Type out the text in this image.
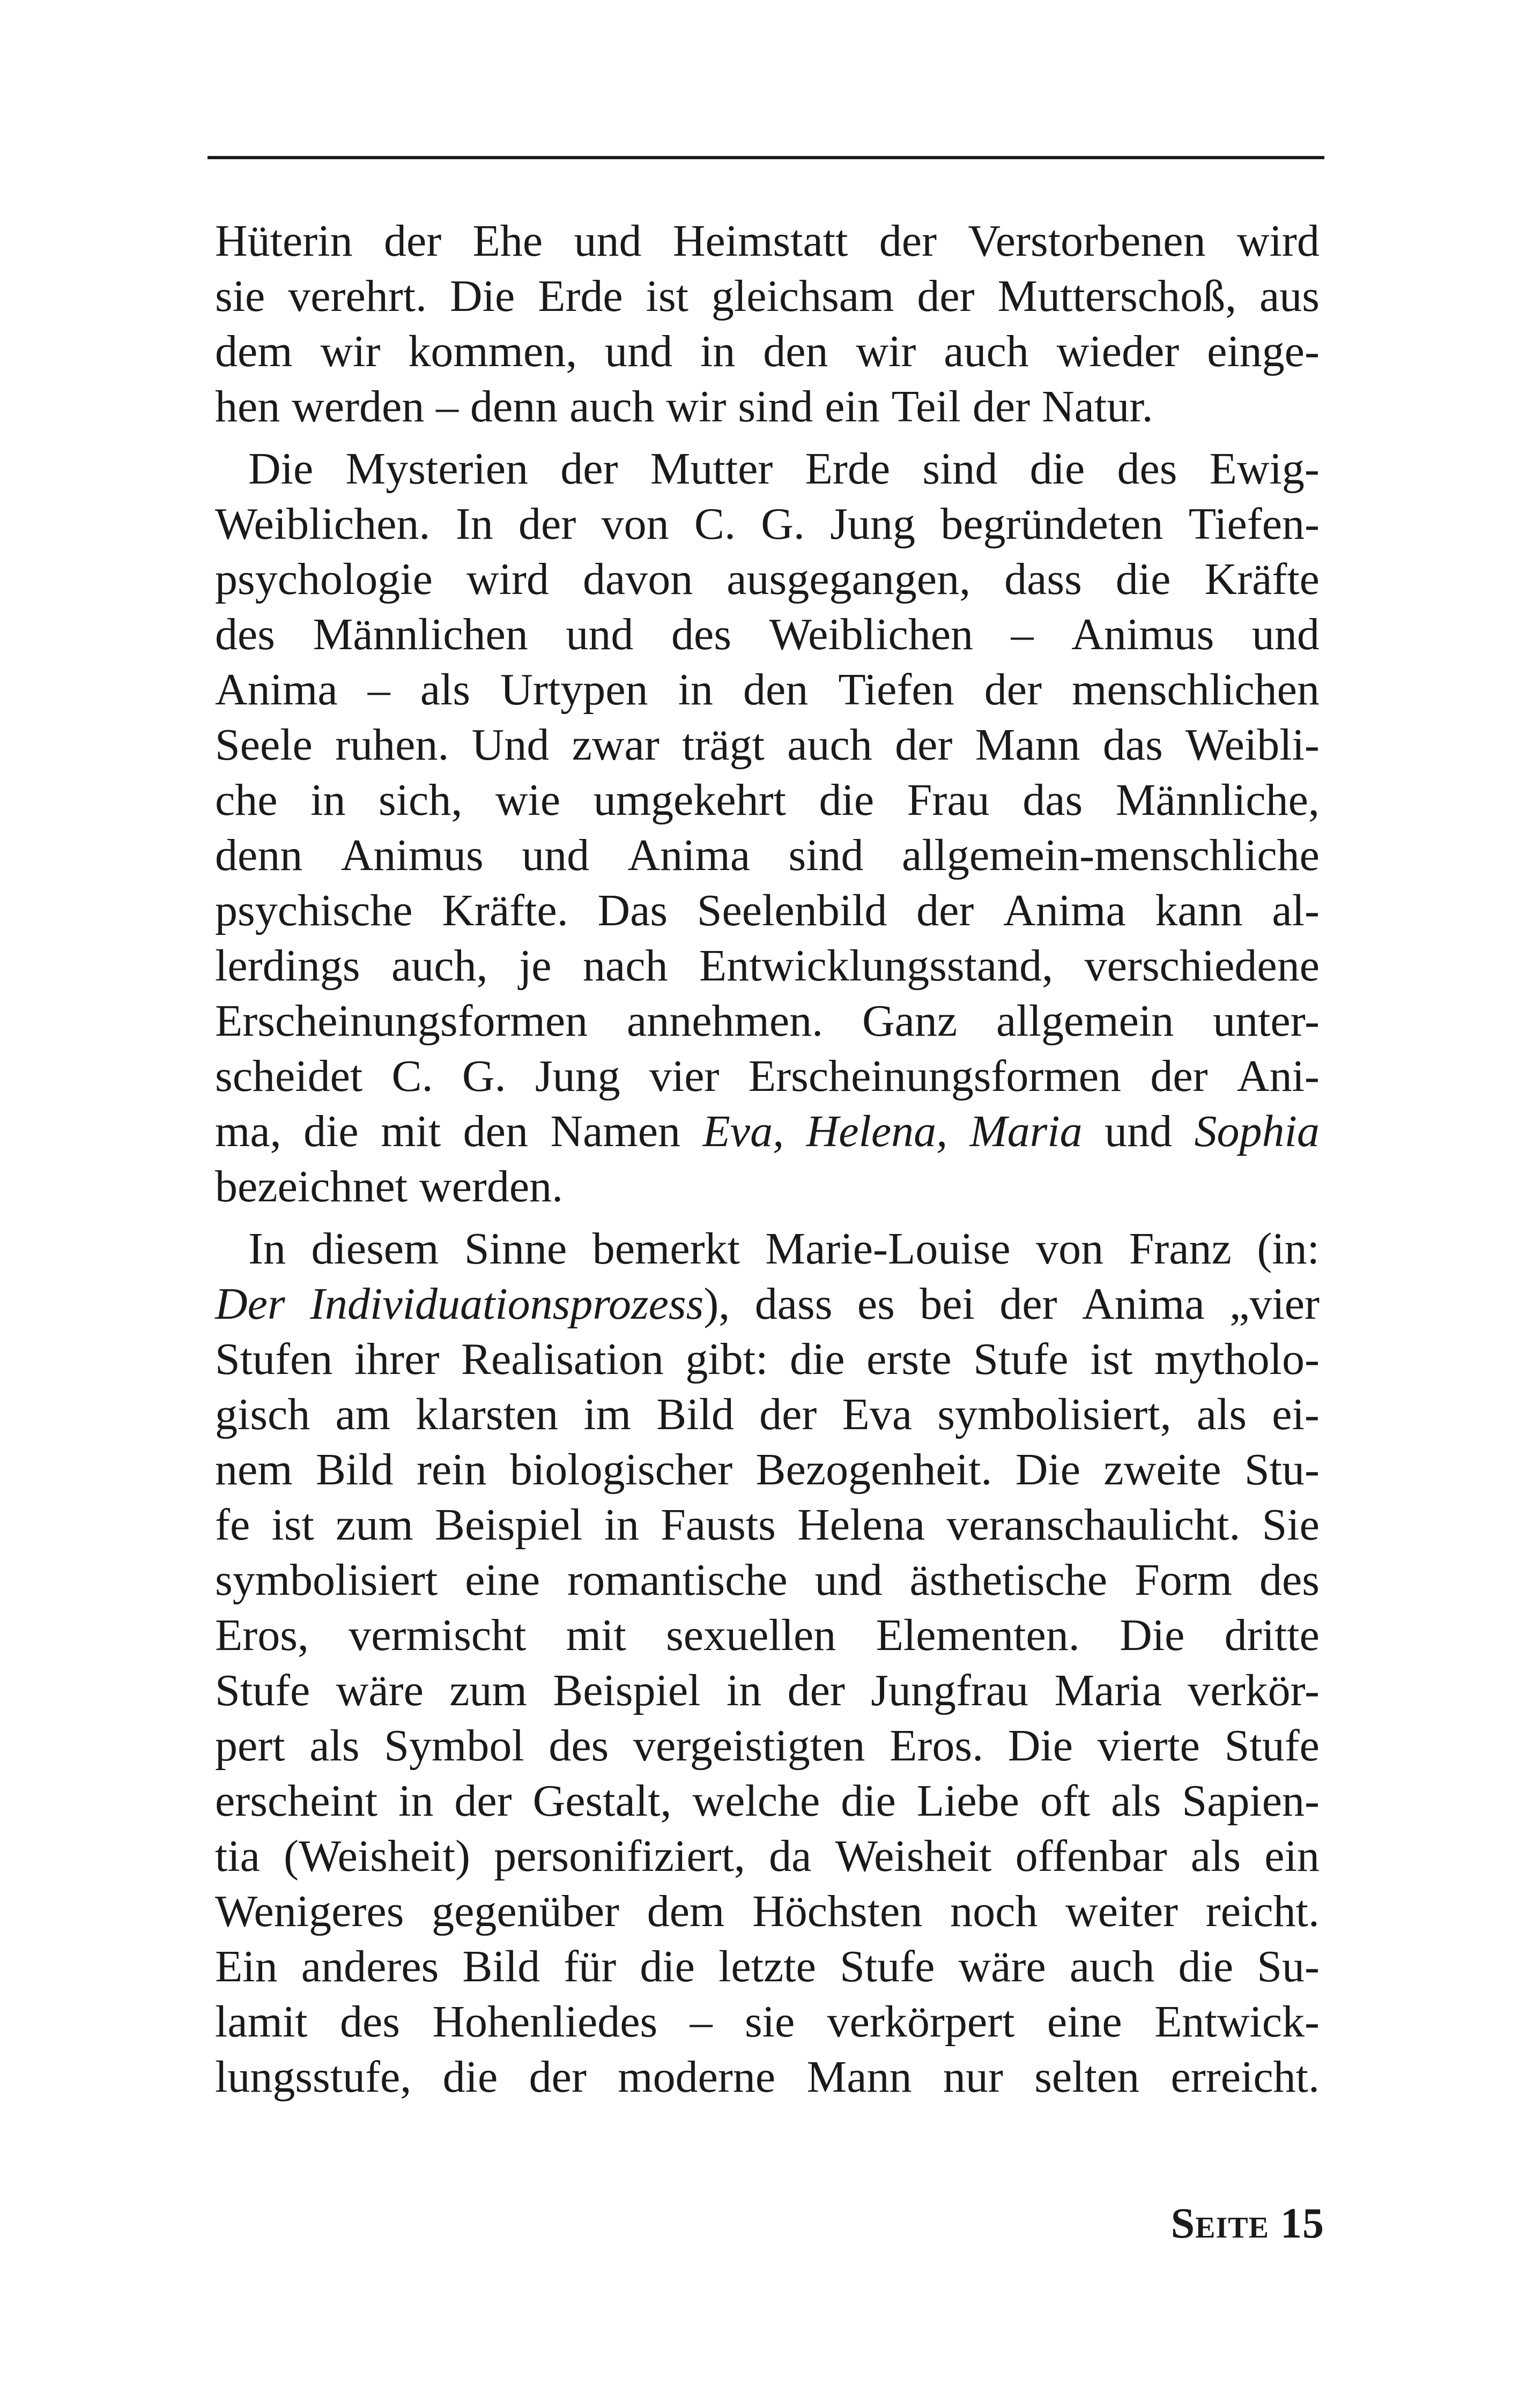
Hüterin der Ehe und Heimstatt der Verstorbenen wird
sie verehrt. Die Erde ist gleichsam der Mutterschoß, aus
dem wir kommen, und in den wir auch wieder einge-
hen werden – denn auch wir sind ein Teil der Natur.
Die Mysterien der Mutter Erde sind die des Ewig-
Weiblichen. In der von C. G. Jung begründeten Tiefen-
psychologie wird davon ausgegangen, dass die Kräfte
des Männlichen und des Weiblichen – Animus und
Anima – als Urtypen in den Tiefen der menschlichen
Seele ruhen. Und zwar trägt auch der Mann das Weibli-
che in sich, wie umgekehrt die Frau das Männliche,
denn Animus und Anima sind allgemein-menschliche
psychische Kräfte. Das Seelenbild der Anima kann al-
lerdings auch, je nach Entwicklungsstand, verschiedene
Erscheinungsformen annehmen. Ganz allgemein unter-
scheidet C. G. Jung vier Erscheinungsformen der Ani-
ma, die mit den Namen Eva, Helena, Maria und Sophia
bezeichnet werden.
In diesem Sinne bemerkt Marie-Louise von Franz (in:
Der Individuationsprozess), dass es bei der Anima „vier
Stufen ihrer Realisation gibt: die erste Stufe ist mytholo-
gisch am klarsten im Bild der Eva symbolisiert, als ei-
nem Bild rein biologischer Bezogenheit. Die zweite Stu-
fe ist zum Beispiel in Fausts Helena veranschaulicht. Sie
symbolisiert eine romantische und ästhetische Form des
Eros, vermischt mit sexuellen Elementen. Die dritte
Stufe wäre zum Beispiel in der Jungfrau Maria verkör-
pert als Symbol des vergeistigten Eros. Die vierte Stufe
erscheint in der Gestalt, welche die Liebe oft als Sapien-
tia (Weisheit) personifiziert, da Weisheit offenbar als ein
Wenigeres gegenüber dem Höchsten noch weiter reicht.
Ein anderes Bild für die letzte Stufe wäre auch die Su-
lamit des Hohenliedes – sie verkörpert eine Entwick-
lungsstufe, die der moderne Mann nur selten erreicht.
Seite 15
